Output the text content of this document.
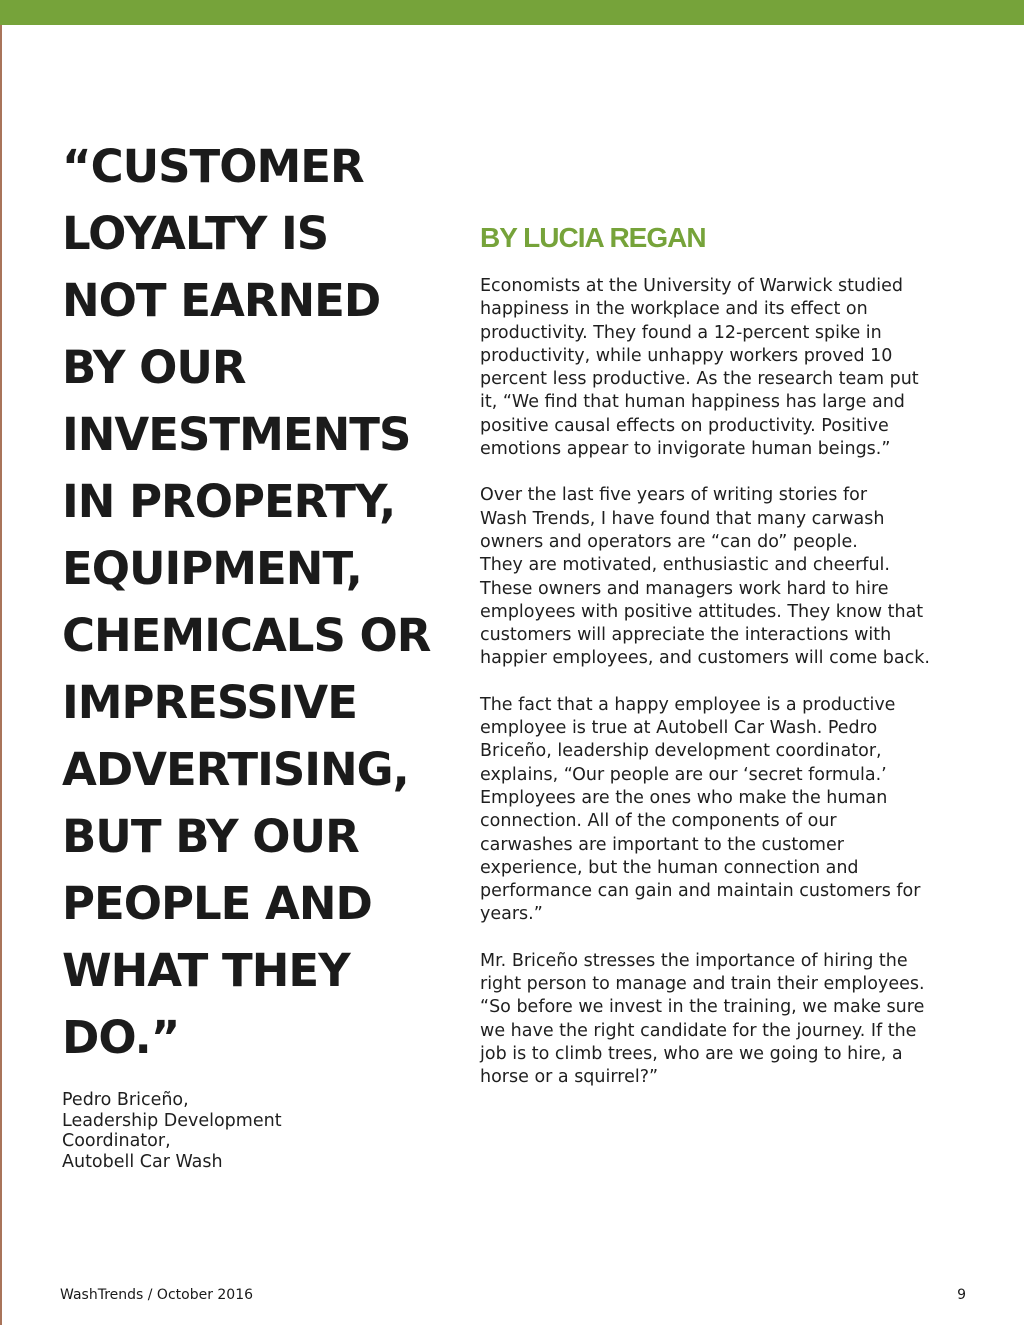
“CUSTOMER
LOYALTY IS
NOT EARNED
BY OUR
INVESTMENTS
IN PROPERTY,
EQUIPMENT,
CHEMICALS OR
IMPRESSIVE
ADVERTISING,
BUT BY OUR
PEOPLE AND
WHAT THEY
DO.”

Pedro Briceño,
Leadership Development
Coordinator,
Autobell Car Wash

BY LUCIA REGAN

Economists at the University of Warwick studied
happiness in the workplace and its effect on
productivity. They found a 12-percent spike in
productivity, while unhappy workers proved 10
percent less productive. As the research team put
it, “We find that human happiness has large and
positive causal effects on productivity. Positive
emotions appear to invigorate human beings.”

Over the last five years of writing stories for
Wash Trends, I have found that many carwash
owners and operators are “can do” people.
They are motivated, enthusiastic and cheerful.
These owners and managers work hard to hire
employees with positive attitudes. They know that
customers will appreciate the interactions with
happier employees, and customers will come back.

The fact that a happy employee is a productive
employee is true at Autobell Car Wash. Pedro
Briceño, leadership development coordinator,
explains, “Our people are our ‘secret formula.’
Employees are the ones who make the human
connection. All of the components of our
carwashes are important to the customer
experience, but the human connection and
performance can gain and maintain customers for
years.”

Mr. Briceño stresses the importance of hiring the
right person to manage and train their employees.
“So before we invest in the training, we make sure
we have the right candidate for the journey. If the
job is to climb trees, who are we going to hire, a
horse or a squirrel?”

WashTrends / October 2016	9
